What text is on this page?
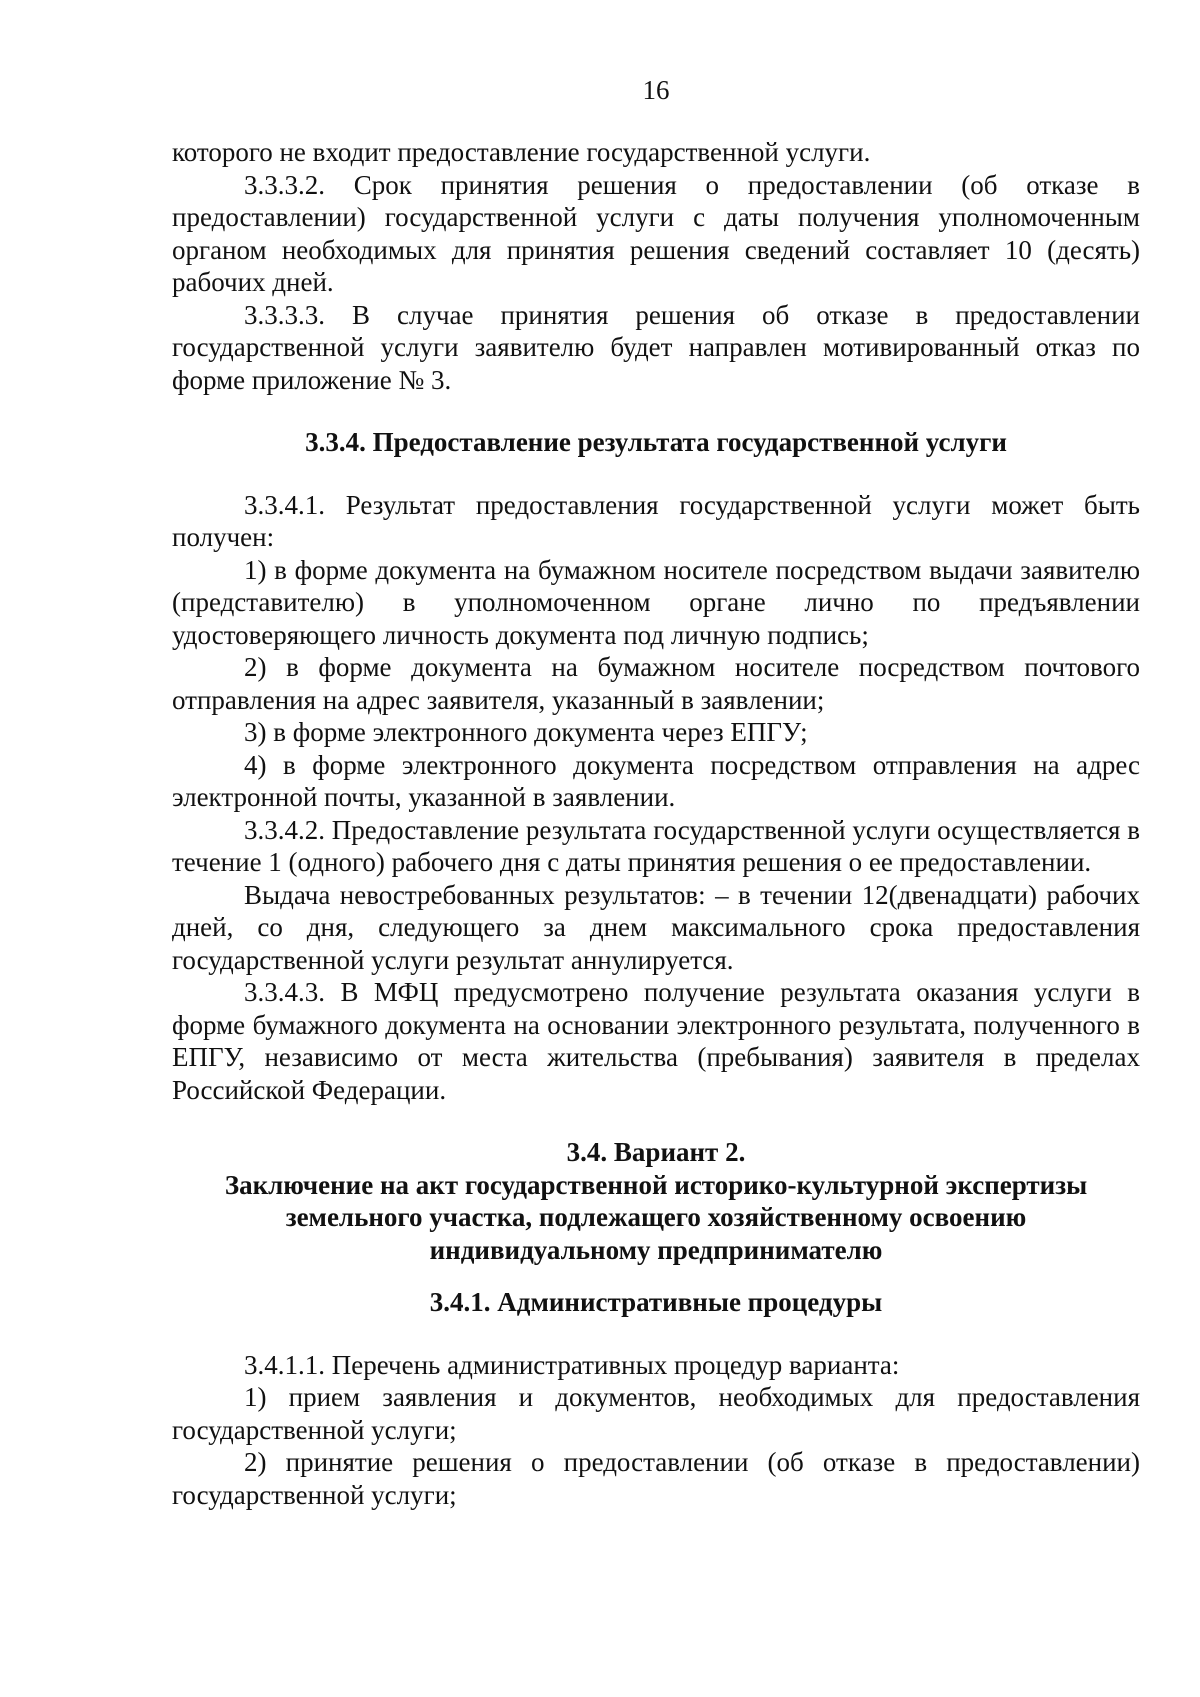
16

которого не входит предоставление государственной услуги.

3.3.3.2. Срок принятия решения о предоставлении (об отказе в предоставлении) государственной услуги с даты получения уполномоченным органом необходимых для принятия решения сведений составляет 10 (десять) рабочих дней.

3.3.3.3. В случае принятия решения об отказе в предоставлении государственной услуги заявителю будет направлен мотивированный отказ по форме приложение № 3.

3.3.4. Предоставление результата государственной услуги

3.3.4.1. Результат предоставления государственной услуги может быть получен:

1) в форме документа на бумажном носителе посредством выдачи заявителю (представителю) в уполномоченном органе лично по предъявлении удостоверяющего личность документа под личную подпись;

2) в форме документа на бумажном носителе посредством почтового отправления на адрес заявителя, указанный в заявлении;

3) в форме электронного документа через ЕПГУ;

4) в форме электронного документа посредством отправления на адрес электронной почты, указанной в заявлении.

3.3.4.2. Предоставление результата государственной услуги осуществляется в течение 1 (одного) рабочего дня с даты принятия решения о ее предоставлении.

Выдача невостребованных результатов: – в течении 12(двенадцати) рабочих дней, со дня, следующего за днем максимального срока предоставления государственной услуги результат аннулируется.

3.3.4.3. В МФЦ предусмотрено получение результата оказания услуги в форме бумажного документа на основании электронного результата, полученного в ЕПГУ, независимо от места жительства (пребывания) заявителя в пределах Российской Федерации.

3.4. Вариант 2.
Заключение на акт государственной историко-культурной экспертизы земельного участка, подлежащего хозяйственному освоению индивидуальному предпринимателю
3.4.1. Административные процедуры

3.4.1.1. Перечень административных процедур варианта:

1) прием заявления и документов, необходимых для предоставления государственной услуги;

2) принятие решения о предоставлении (об отказе в предоставлении) государственной услуги;
